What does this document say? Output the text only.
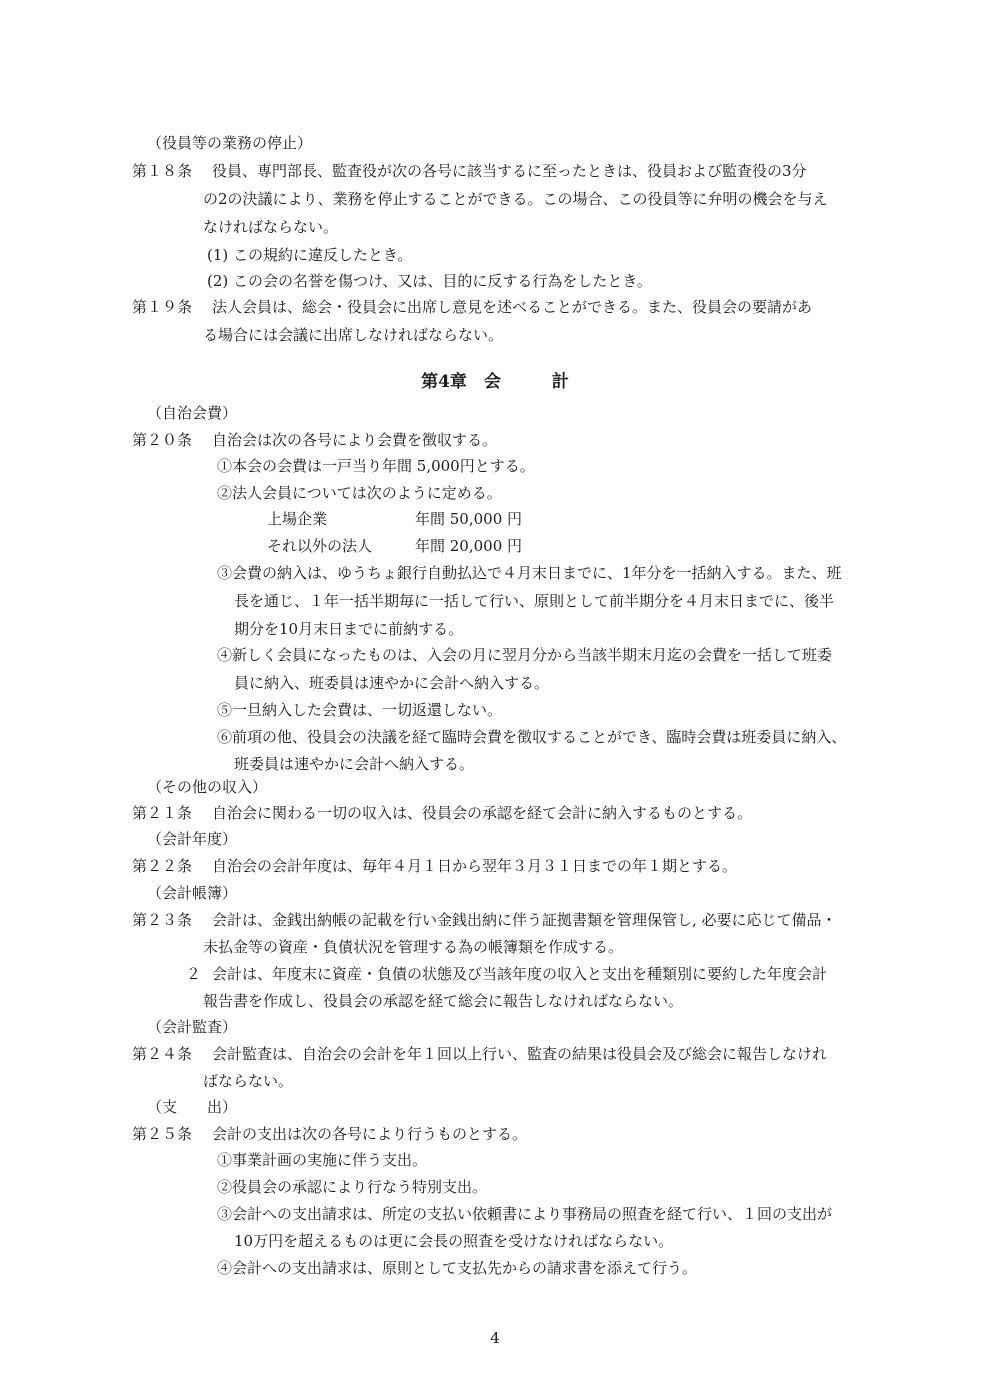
（役員等の業務の停止）
第１８条 役員、専門部長、監査役が次の各号に該当するに至ったときは、役員および監査役の3分
の2の決議により、業務を停止することができる。この場合、この役員等に弁明の機会を与え
なければならない。
(1) この規約に違反したとき。
(2) この会の名誉を傷つけ、又は、目的に反する行為をしたとき。
第１９条 法人会員は、総会・役員会に出席し意見を述べることができる。また、役員会の要請があ
る場合には会議に出席しなければならない。
第4章　会　　　計
（自治会費）
第２０条 自治会は次の各号により会費を徴収する。
①本会の会費は一戸当り年間 5,000円とする。
②法人会員については次のように定める。
上場企業	年間 50,000 円
それ以外の法人	年間 20,000 円
③会費の納入は、ゆうちょ銀行自動払込で４月末日までに、1年分を一括納入する。また、班
長を通じ、１年一括半期毎に一括して行い、原則として前半期分を４月末日までに、後半
期分を10月末日までに前納する。
④新しく会員になったものは、入会の月に翌月分から当該半期末月迄の会費を一括して班委
員に納入、班委員は速やかに会計へ納入する。
⑤一旦納入した会費は、一切返還しない。
⑥前項の他、役員会の決議を経て臨時会費を徴収することができ、臨時会費は班委員に納入、
班委員は速やかに会計へ納入する。
（その他の収入）
第２１条 自治会に関わる一切の収入は、役員会の承認を経て会計に納入するものとする。
（会計年度）
第２２条 自治会の会計年度は、毎年４月１日から翌年３月３１日までの年１期とする。
（会計帳簿）
第２３条 会計は、金銭出納帳の記載を行い金銭出納に伴う証拠書類を管理保管し, 必要に応じて備品・
未払金等の資産・負債状況を管理する為の帳簿類を作成する。
２ 会計は、年度末に資産・負債の状態及び当該年度の収入と支出を種類別に要約した年度会計
報告書を作成し、役員会の承認を経て総会に報告しなければならない。
（会計監査）
第２４条 会計監査は、自治会の会計を年１回以上行い、監査の結果は役員会及び総会に報告しなけれ
ばならない。
（支　　出）
第２５条 会計の支出は次の各号により行うものとする。
①事業計画の実施に伴う支出。
②役員会の承認により行なう特別支出。
③会計への支出請求は、所定の支払い依頼書により事務局の照査を経て行い、１回の支出が
10万円を超えるものは更に会長の照査を受けなければならない。
④会計への支出請求は、原則として支払先からの請求書を添えて行う。
4
